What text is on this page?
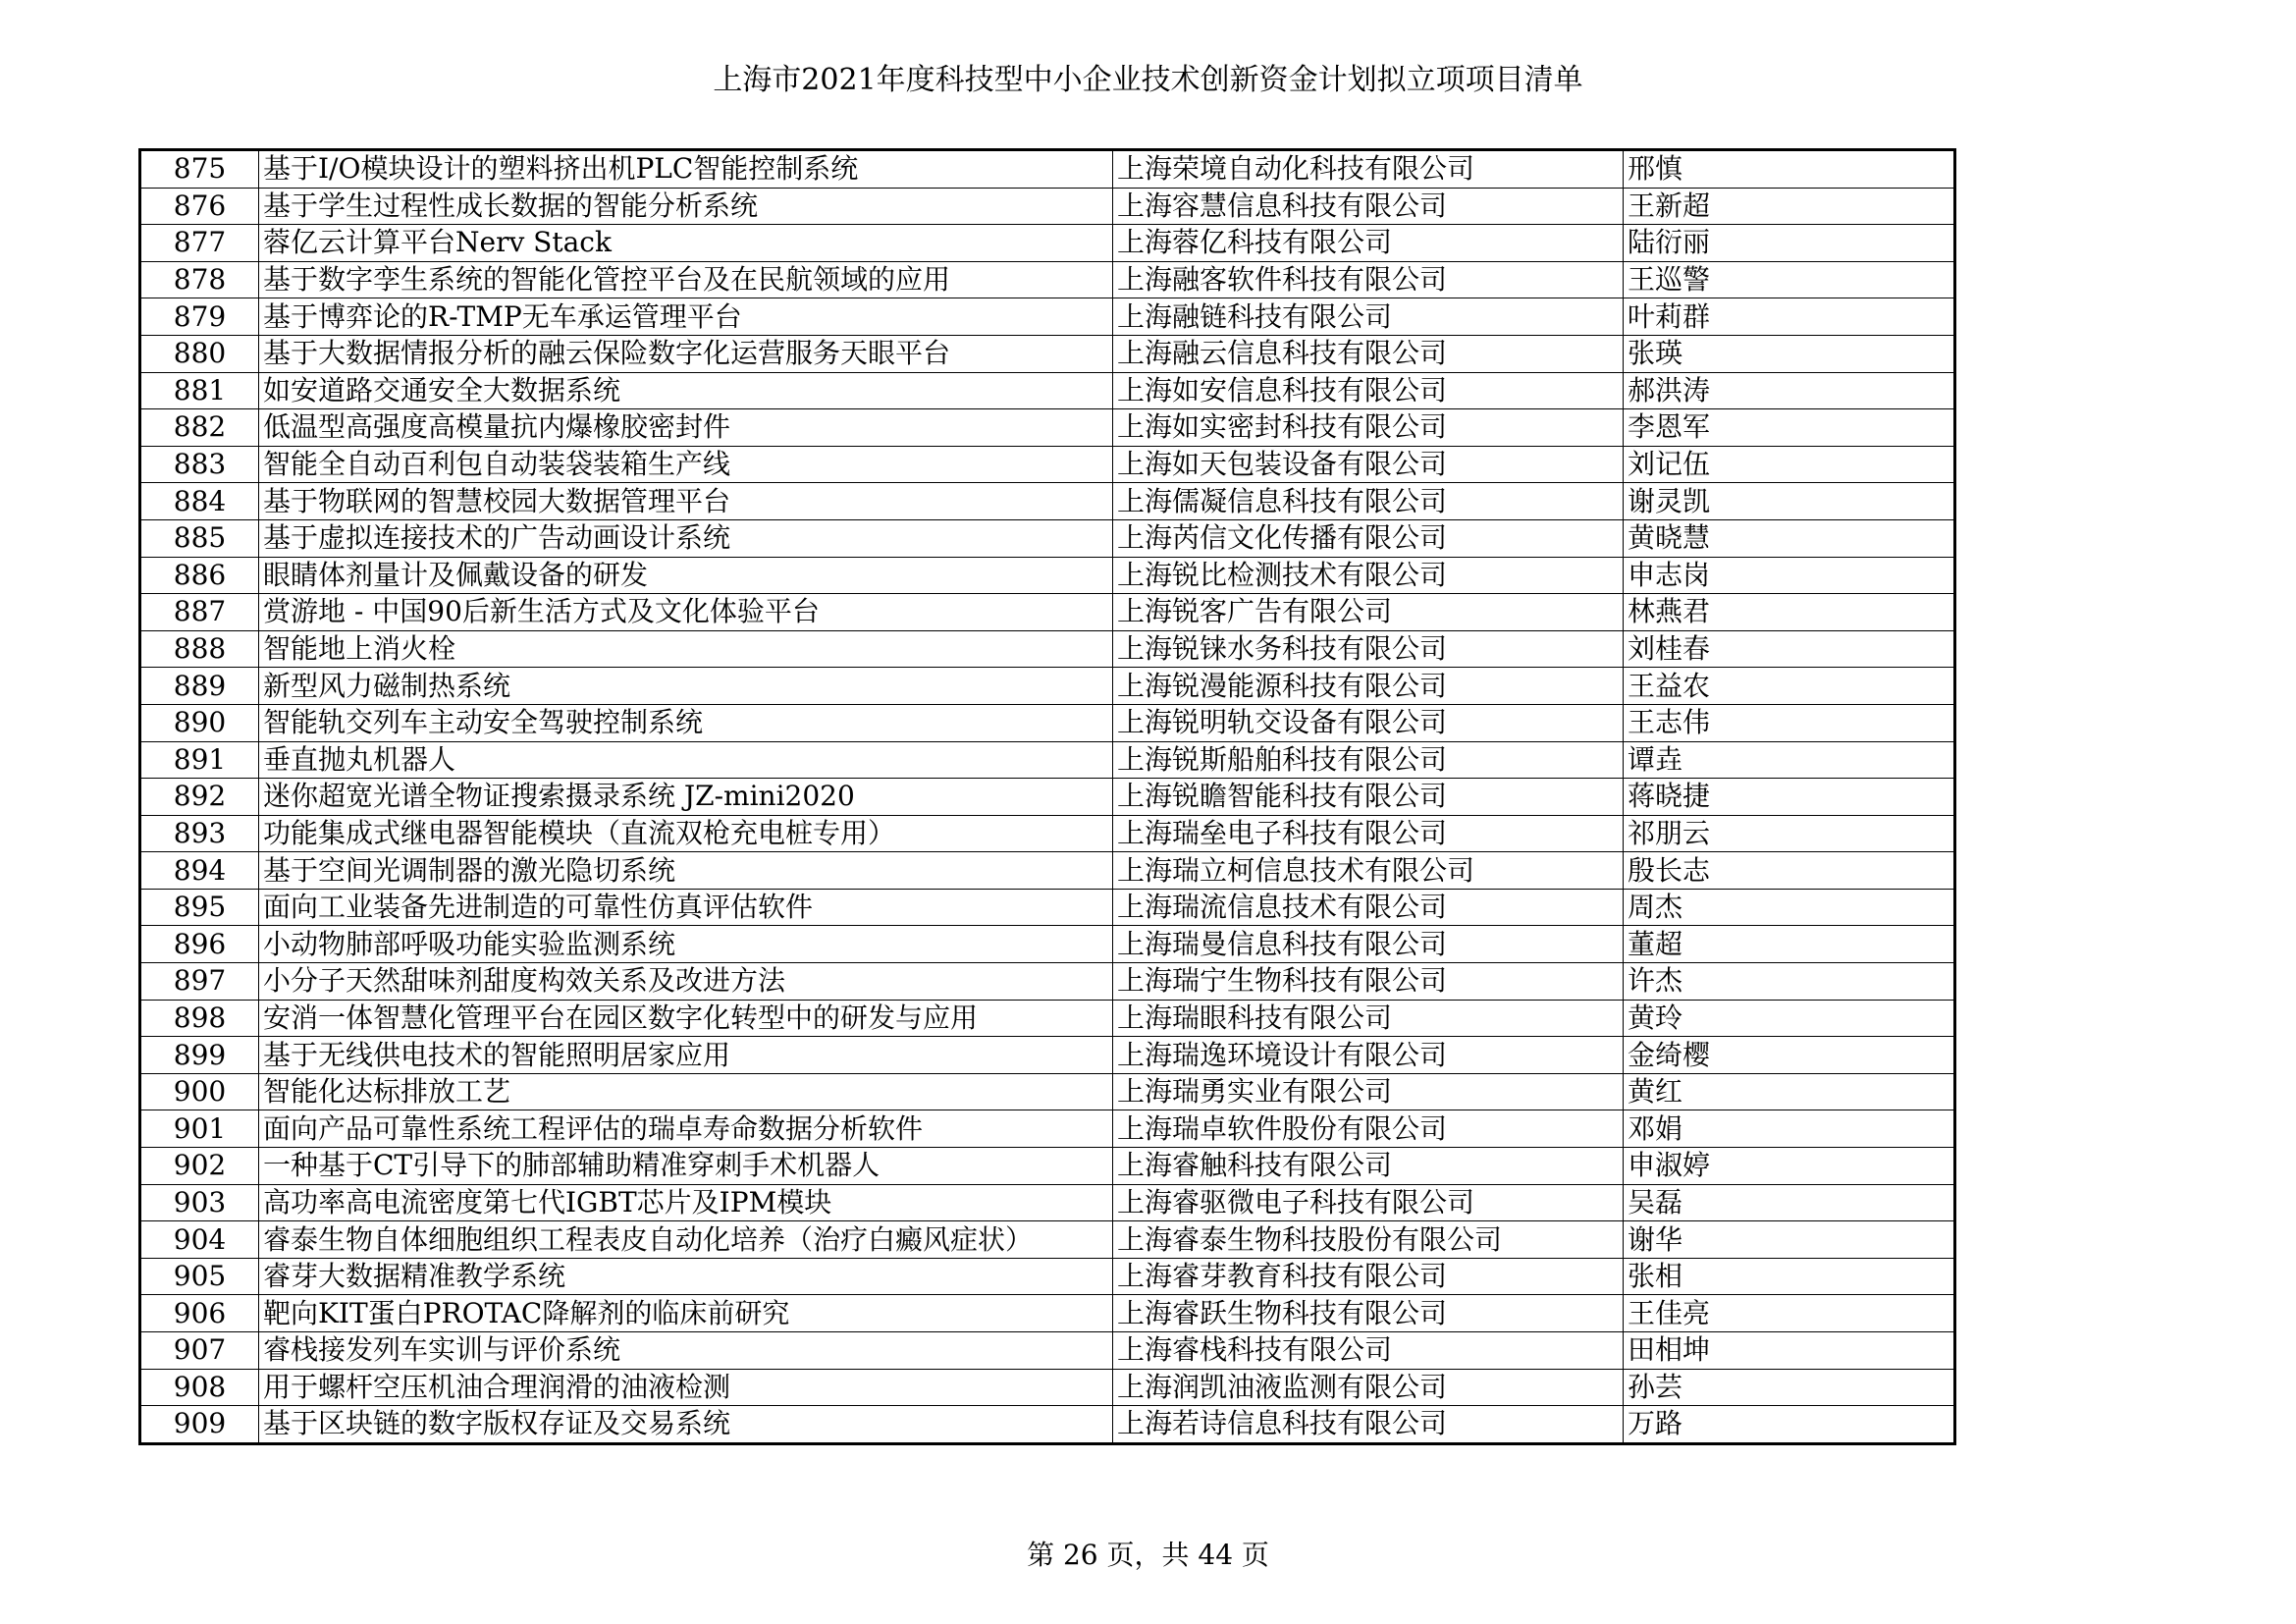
上海市2021年度科技型中小企业技术创新资金计划拟立项项目清单
875	基于I/O模块设计的塑料挤出机PLC智能控制系统	上海荣境自动化科技有限公司	邢慎
876	基于学生过程性成长数据的智能分析系统	上海容慧信息科技有限公司	王新超
877	蓉亿云计算平台Nerv Stack	上海蓉亿科技有限公司	陆衍丽
878	基于数字孪生系统的智能化管控平台及在民航领域的应用	上海融客软件科技有限公司	王巡警
879	基于博弈论的R-TMP无车承运管理平台	上海融链科技有限公司	叶莉群
880	基于大数据情报分析的融云保险数字化运营服务天眼平台	上海融云信息科技有限公司	张瑛
881	如安道路交通安全大数据系统	上海如安信息科技有限公司	郝洪涛
882	低温型高强度高模量抗内爆橡胶密封件	上海如实密封科技有限公司	李恩军
883	智能全自动百利包自动装袋装箱生产线	上海如天包装设备有限公司	刘记伍
884	基于物联网的智慧校园大数据管理平台	上海儒凝信息科技有限公司	谢灵凯
885	基于虚拟连接技术的广告动画设计系统	上海芮信文化传播有限公司	黄晓慧
886	眼睛体剂量计及佩戴设备的研发	上海锐比检测技术有限公司	申志岗
887	赏游地 - 中国90后新生活方式及文化体验平台	上海锐客广告有限公司	林燕君
888	智能地上消火栓	上海锐铼水务科技有限公司	刘桂春
889	新型风力磁制热系统	上海锐漫能源科技有限公司	王益农
890	智能轨交列车主动安全驾驶控制系统	上海锐明轨交设备有限公司	王志伟
891	垂直抛丸机器人	上海锐斯船舶科技有限公司	谭垚
892	迷你超宽光谱全物证搜索摄录系统 JZ-mini2020	上海锐瞻智能科技有限公司	蒋晓捷
893	功能集成式继电器智能模块（直流双枪充电桩专用）	上海瑞垒电子科技有限公司	祁朋云
894	基于空间光调制器的激光隐切系统	上海瑞立柯信息技术有限公司	殷长志
895	面向工业装备先进制造的可靠性仿真评估软件	上海瑞流信息技术有限公司	周杰
896	小动物肺部呼吸功能实验监测系统	上海瑞曼信息科技有限公司	董超
897	小分子天然甜味剂甜度构效关系及改进方法	上海瑞宁生物科技有限公司	许杰
898	安消一体智慧化管理平台在园区数字化转型中的研发与应用	上海瑞眼科技有限公司	黄玲
899	基于无线供电技术的智能照明居家应用	上海瑞逸环境设计有限公司	金绮樱
900	智能化达标排放工艺	上海瑞勇实业有限公司	黄红
901	面向产品可靠性系统工程评估的瑞卓寿命数据分析软件	上海瑞卓软件股份有限公司	邓娟
902	一种基于CT引导下的肺部辅助精准穿刺手术机器人	上海睿触科技有限公司	申淑婷
903	高功率高电流密度第七代IGBT芯片及IPM模块	上海睿驱微电子科技有限公司	吴磊
904	睿泰生物自体细胞组织工程表皮自动化培养（治疗白癜风症状）	上海睿泰生物科技股份有限公司	谢华
905	睿芽大数据精准教学系统	上海睿芽教育科技有限公司	张相
906	靶向KIT蛋白PROTAC降解剂的临床前研究	上海睿跃生物科技有限公司	王佳亮
907	睿栈接发列车实训与评价系统	上海睿栈科技有限公司	田相坤
908	用于螺杆空压机油合理润滑的油液检测	上海润凯油液监测有限公司	孙芸
909	基于区块链的数字版权存证及交易系统	上海若诗信息科技有限公司	万路
第 26 页，共 44 页
